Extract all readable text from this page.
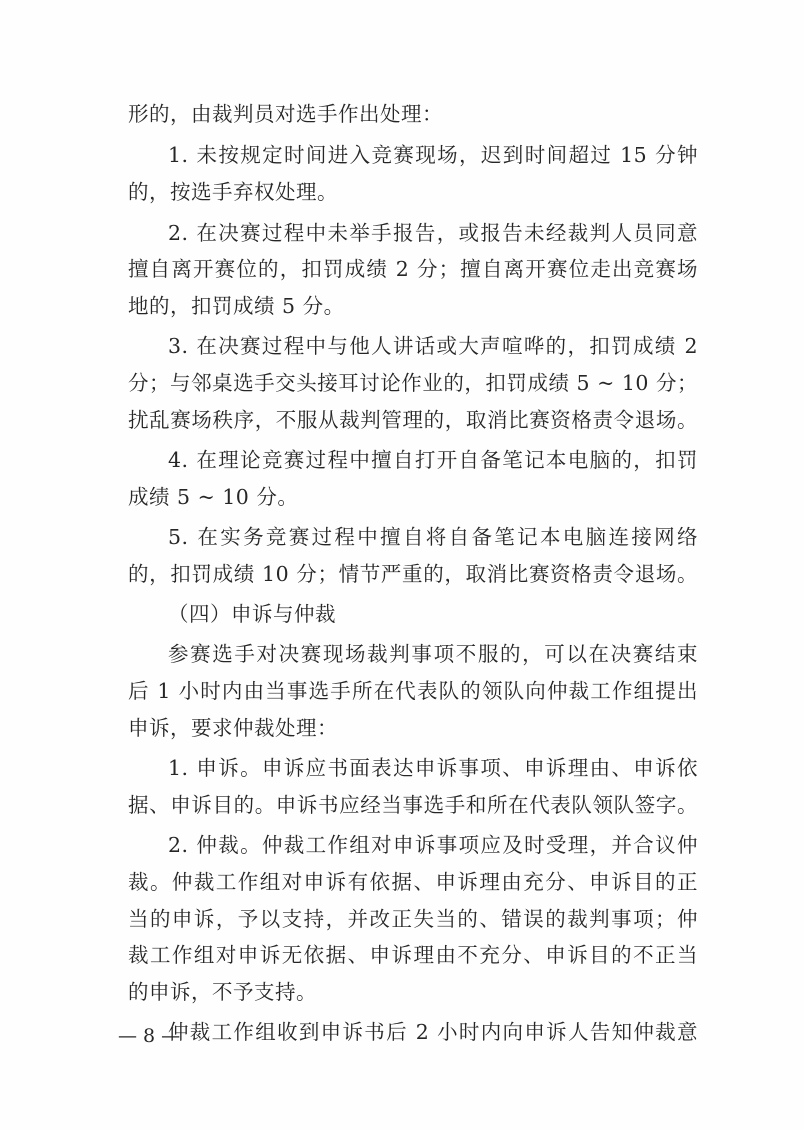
形的，由裁判员对选手作出处理：
1. 未按规定时间进入竞赛现场，迟到时间超过 15 分钟
的，按选手弃权处理。
2. 在决赛过程中未举手报告，或报告未经裁判人员同意
擅自离开赛位的，扣罚成绩 2 分；擅自离开赛位走出竞赛场
地的，扣罚成绩 5 分。
3. 在决赛过程中与他人讲话或大声喧哗的，扣罚成绩 2
分；与邻桌选手交头接耳讨论作业的，扣罚成绩 5 ~ 10 分；
扰乱赛场秩序，不服从裁判管理的，取消比赛资格责令退场。
4. 在理论竞赛过程中擅自打开自备笔记本电脑的，扣罚
成绩 5 ~ 10 分。
5. 在实务竞赛过程中擅自将自备笔记本电脑连接网络
的，扣罚成绩 10 分；情节严重的，取消比赛资格责令退场。
（四）申诉与仲裁
参赛选手对决赛现场裁判事项不服的，可以在决赛结束
后 1 小时内由当事选手所在代表队的领队向仲裁工作组提出
申诉，要求仲裁处理：
1. 申诉。申诉应书面表达申诉事项、申诉理由、申诉依
据、申诉目的。申诉书应经当事选手和所在代表队领队签字。
2. 仲裁。仲裁工作组对申诉事项应及时受理，并合议仲
裁。仲裁工作组对申诉有依据、申诉理由充分、申诉目的正
当的申诉，予以支持，并改正失当的、错误的裁判事项；仲
裁工作组对申诉无依据、申诉理由不充分、申诉目的不正当
的申诉，不予支持。
仲裁工作组收到申诉书后 2 小时内向申诉人告知仲裁意
— 8 —
